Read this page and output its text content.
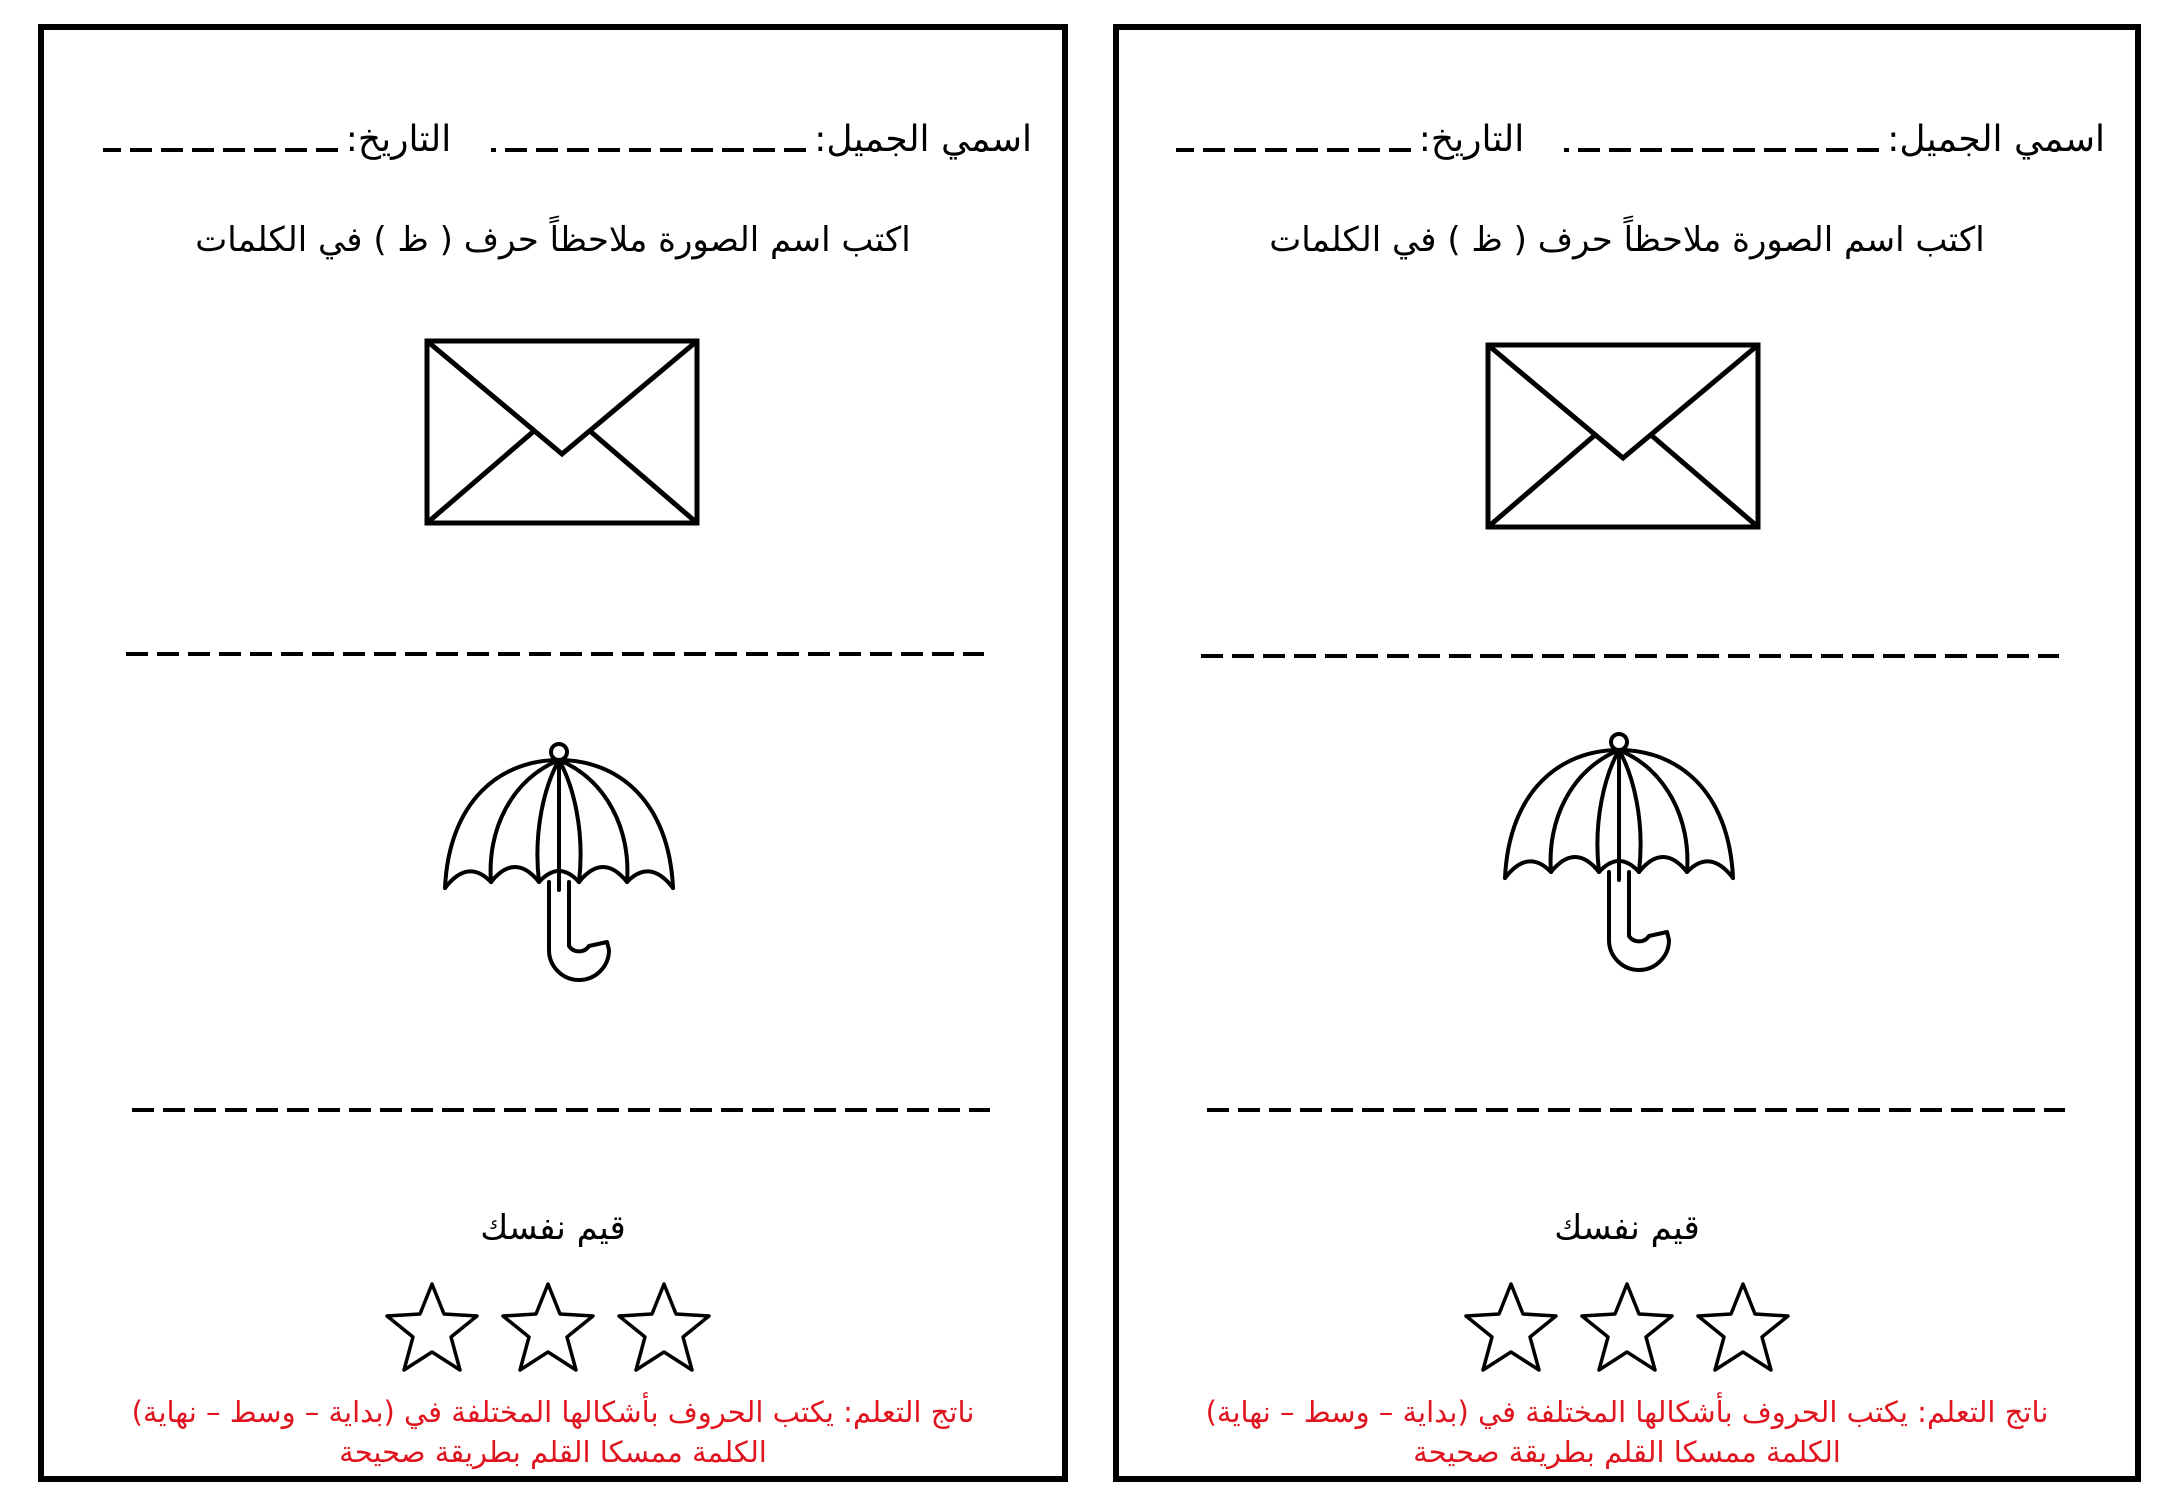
اسمي الجميل:
التاريخ:
اكتب اسم الصورة ملاحظاً حرف ( ظ ) في الكلمات
قيم نفسك
ناتج التعلم: يكتب الحروف بأشكالها المختلفة في (بداية – وسط – نهاية)
الكلمة ممسكا القلم بطريقة صحيحة
اسمي الجميل:
التاريخ:
اكتب اسم الصورة ملاحظاً حرف ( ظ ) في الكلمات
قيم نفسك
ناتج التعلم: يكتب الحروف بأشكالها المختلفة في (بداية – وسط – نهاية)
الكلمة ممسكا القلم بطريقة صحيحة
